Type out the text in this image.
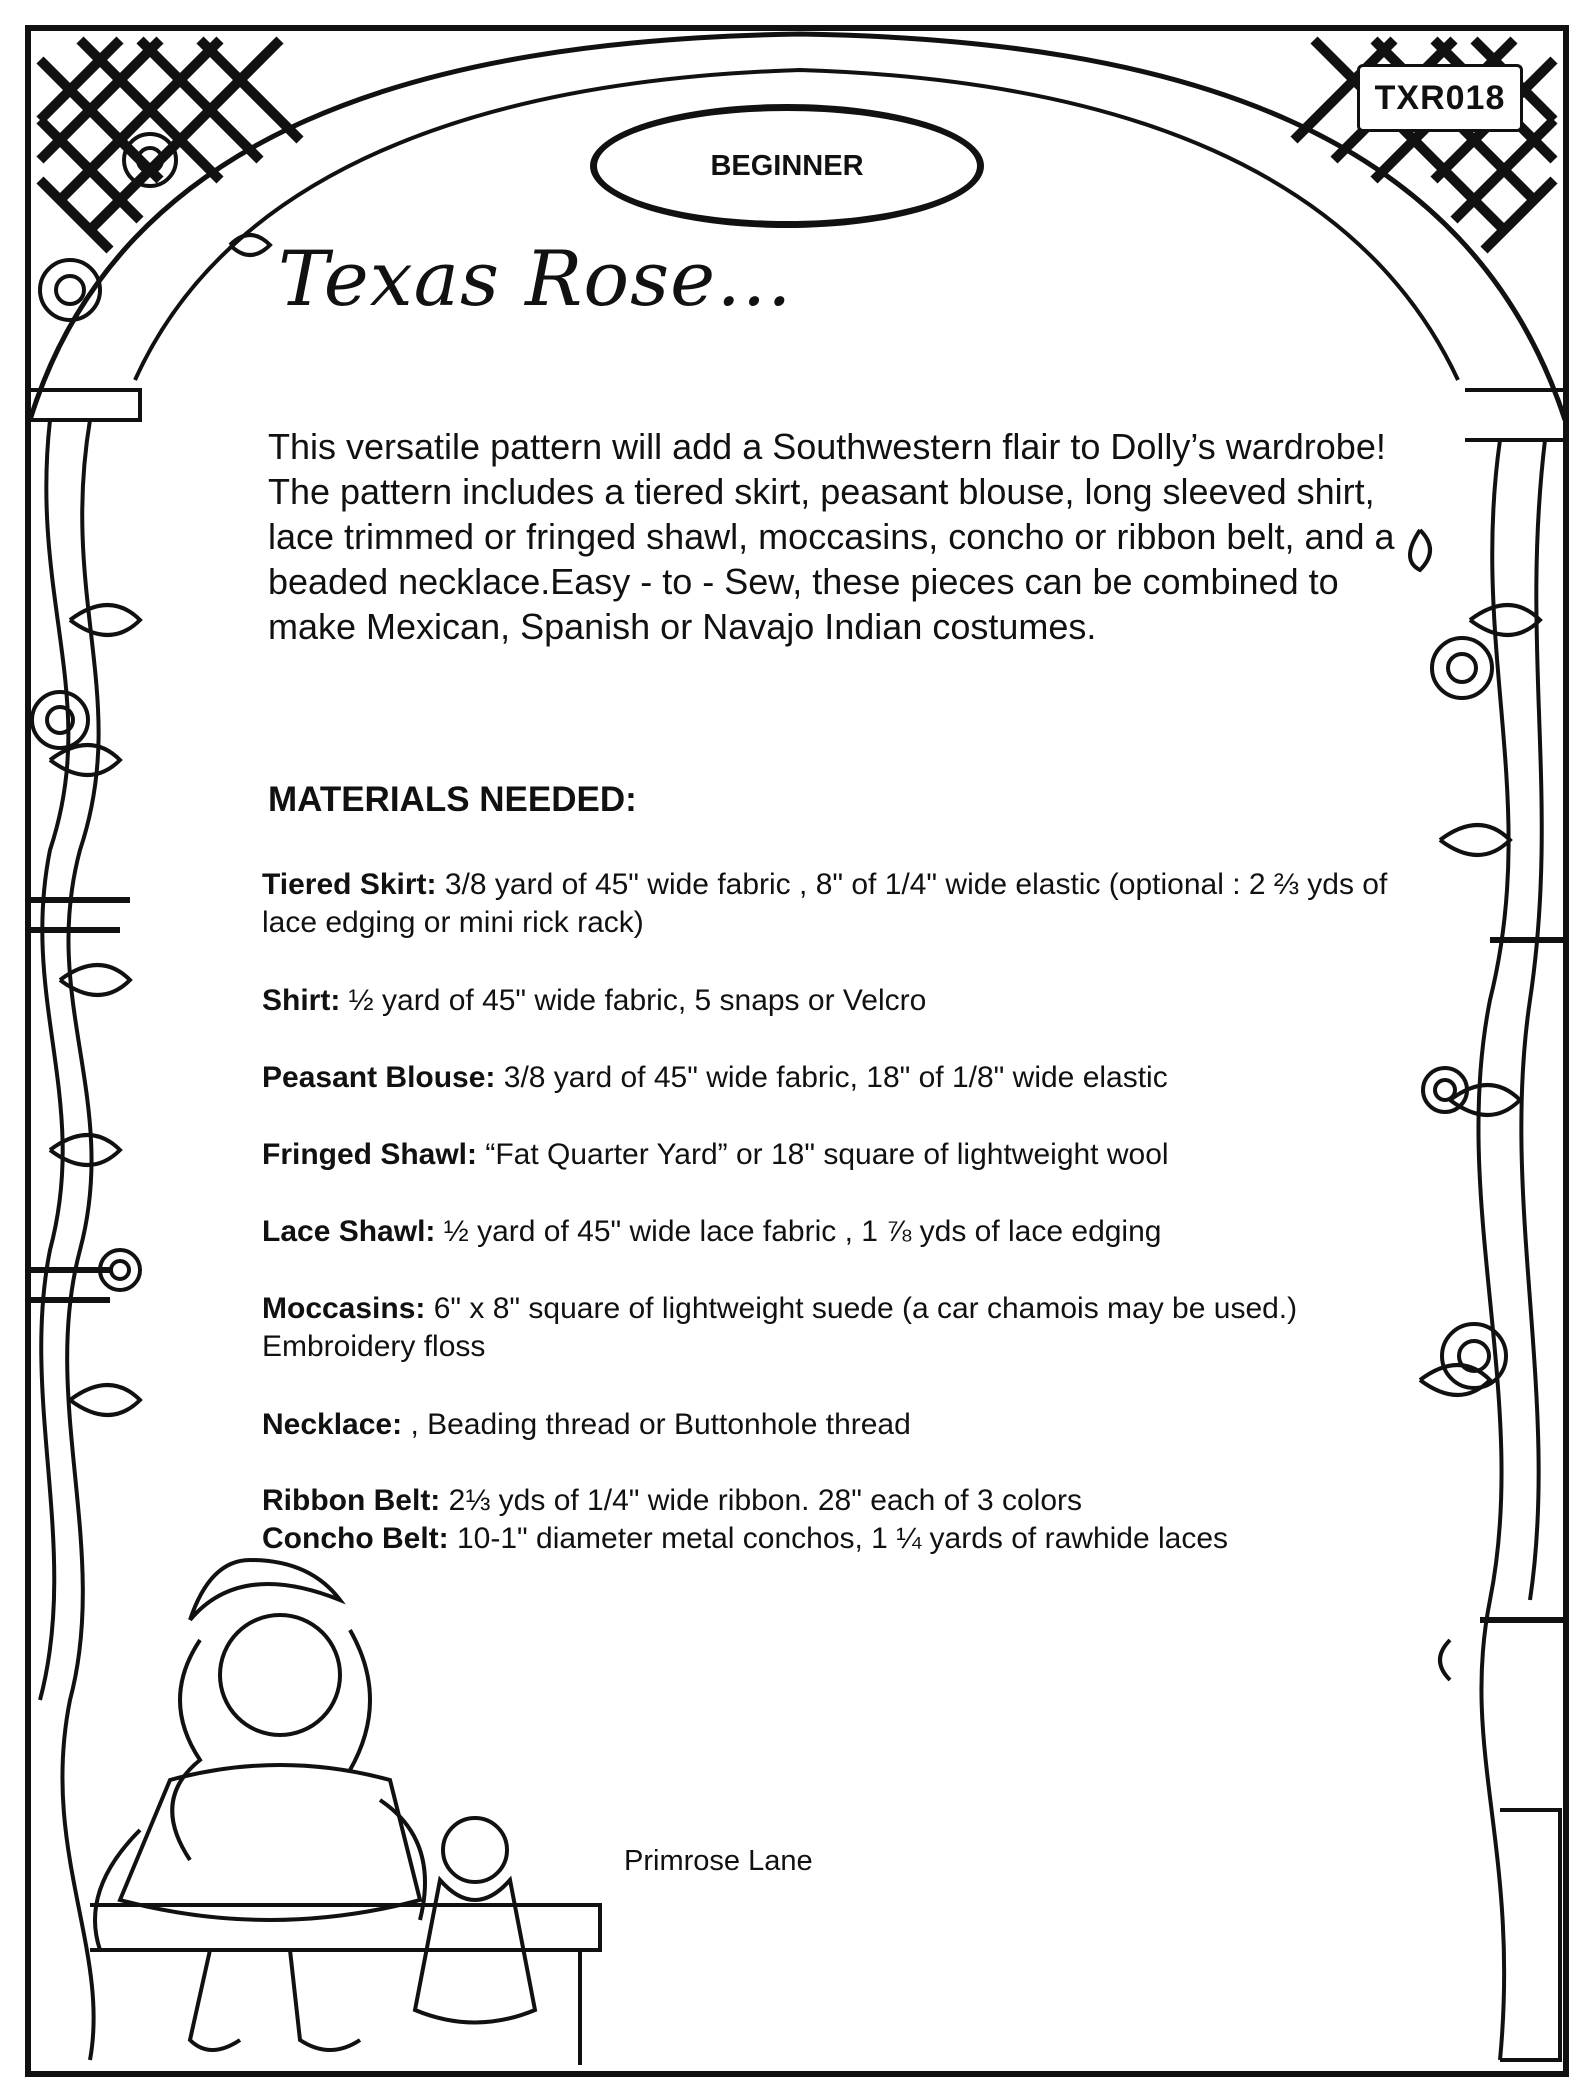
TXR018
BEGINNER
Texas Rose…
This versatile pattern will add a Southwestern flair to Dolly’s wardrobe! The pattern includes a tiered skirt, peasant blouse, long sleeved shirt, lace trimmed or fringed shawl, moccasins, concho or ribbon belt, and a beaded necklace.Easy - to - Sew, these pieces can be combined to make Mexican, Spanish or Navajo Indian costumes.
MATERIALS NEEDED:
Tiered Skirt: 3/8 yard of 45" wide fabric , 8" of 1/4" wide elastic (optional : 2 ⅔ yds of lace edging or mini rick rack)
Shirt: ½ yard of 45" wide fabric, 5 snaps or Velcro
Peasant Blouse: 3/8 yard of 45" wide fabric, 18" of 1/8" wide elastic
Fringed Shawl: “Fat Quarter Yard” or 18" square of lightweight wool
Lace Shawl: ½ yard of 45" wide lace fabric , 1 ⅞ yds of lace edging
Moccasins: 6" x 8" square of lightweight suede (a car chamois may be used.) Embroidery floss
Necklace: , Beading thread or Buttonhole thread
Ribbon Belt: 2⅓ yds of 1/4" wide ribbon. 28" each of 3 colors
Concho Belt: 10-1" diameter metal conchos, 1 ¼ yards of rawhide laces
Primrose Lane
